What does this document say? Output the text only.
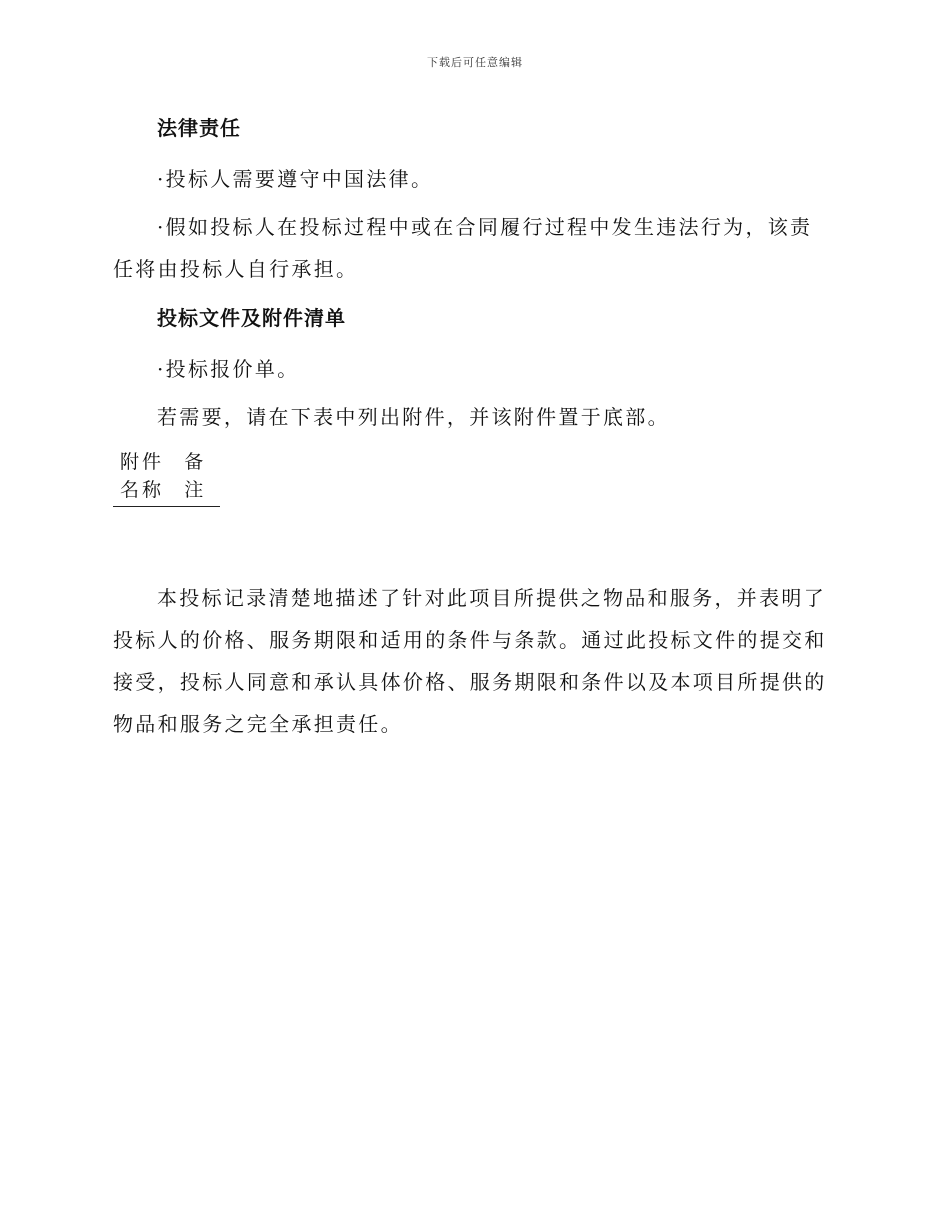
下载后可任意编辑

法律责任

·投标人需要遵守中国法律。

·假如投标人在投标过程中或在合同履行过程中发生违法行为，该责任将由投标人自行承担。

投标文件及附件清单

·投标报价单。

若需要，请在下表中列出附件，并该附件置于底部。

附件名称	备注

本投标记录清楚地描述了针对此项目所提供之物品和服务，并表明了投标人的价格、服务期限和适用的条件与条款。通过此投标文件的提交和接受，投标人同意和承认具体价格、服务期限和条件以及本项目所提供的物品和服务之完全承担责任。
